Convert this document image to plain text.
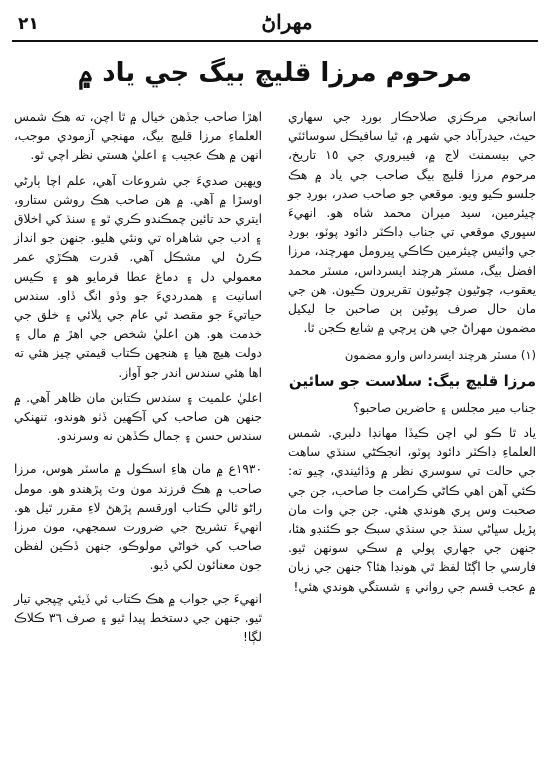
٢١	مهراڻ
مرحوم مرزا قليچ بيگ جي ياد ۾

اسانجي مرڪزي صلاحڪار بورڊ جي سهاري حيث، حيدرآباد جي شهر ۾، ٿيا سافيڪل سوسائٽي جي بيسمنٽ لاج ۾، فيبروري جي ١٥ تاريخ، مرحوم مرزا قليچ بيگ صاحب جي ياد ۾ هڪ جلسو ڪيو ويو. موقعي جو صاحب صدر، بورڊ جو چيئرمين، سيد ميران محمد شاه هو. انهيءَ سڀوري موقعي تي جناب ڊاڪٽر دائود پوٽو، بورڊ جي وائيس چيئرمين ڪاڪي ڀيرومل مهرچند، مرزا افضل بيگ، مسٽر هرچند ايسرداس، مسٽر محمد يعقوب، چوڻيون چوڻيون تقريرون ڪيون. هن جي مان حال صرف پوڻين ٻن صاحبن جا ليکيل مضمون مهراڻ جي هن پرچي ۾ شايع ڪجن ٿا.

(١) مسٽر هرچند ايسرداس وارو مضمون

مرزا قليچ بيگ: سلاست جو سائين

جناب مير مجلس ۽ حاضرين صاحبو؟

ياد ٿا ڪو لي اچن ڪيڏا مهانڊا دلبري. شمس العلماءِ ڊاڪٽر دائود پوٽو، انجڪڻي سنڌي ساهت جي حالت تي سوسري نظر ۾ وڌائيندي، چيو ته: ڪئي آهن اهي ڪاڻي ڪرامت جا صاحب، جن جي صحبت وس پري هوندي هئي. جن جي وات مان پڙيل سڀاڻي سنڌ جي سنڌي سبڪ جو ڪئنڊو هئا، جنهن جي جهاري پولي ۾ سڪي سونهن ٿيو. فارسي جا اڳڻا لفظ ٿي هونڊا هئا؟ جنهن جي زبان ۾ عجب قسم جي رواني ۽ شستگي هوندي هئي!

اهڙا صاحب جڏهن خيال ۾ ٿا اچن، ته هڪ شمس العلماءِ مرزا قليچ بيگ، مهنجي آزمودي موجب، انهن ۾ هڪ عجيب ۽ اعليٰ هستي نظر اچي ٿو.

ويهين صديءَ جي شروعات آهي، علم اچا ٻارڻي اوسڙا ۾ آهي. ۾ هن صاحب هڪ روشن ستارو، ايتري حد تائين چمڪندو ڪري ٿو ۽ سنڌ کي اخلاق ۽ ادب جي شاهراه تي ونئي هليو. جنهن جو انداز ڪرڻ لي مشڪل آهي. قدرت هڪڙي عمر معمولي دل ۽ دماغ عطا فرمايو هو ۽ ڪيس اسانيت ۽ همدرديءَ جو وڏو انگ ڏاو. سندس حياتيءَ جو مقصد ٿي عام جي ڀلائي ۽ خلق جي خدمت هو. هن اعليٰ شخص جي اهڙ ۾ مال ۽ دولت هيچ هيا ۽ هنجهن ڪتاب قيمتي چيز هئي ته اها هئي سندس اندر جو آواز.

اعليٰ علميت ۽ سندس ڪتابن مان ظاهر آهي. ۾ جنهن هن صاحب کي آڪهين ڏٺو هوندو، تنهنکي سندس حسن ۽ جمال ڪڏهن نه وسرندو.

١٩٣٠ع ۾ مان هاءِ اسڪول ۾ ماسٽر هوس، مرزا صاحب ۾ هڪ فرزند مون وٽ پڙهندو هو. مومل راڻو ٿالي ڪتاب اورقسم پڙهڻ لاءِ مقرر ٿيل هو. انهيءَ تشريح جي ضرورت سمجهي، مون مرزا صاحب کي خواڻي مولوڪو، جنهن ڏڪين لفظن جون معنائون لکي ڏيو.

انهيءَ جي جواب ۾ هڪ ڪتاب ئي ڏيئي ڇپجي تيار ٿيو. جنهن جي دستخط پيدا ٿيو ۽ صرف ٣٦ ڪلاڪ لڳا!
